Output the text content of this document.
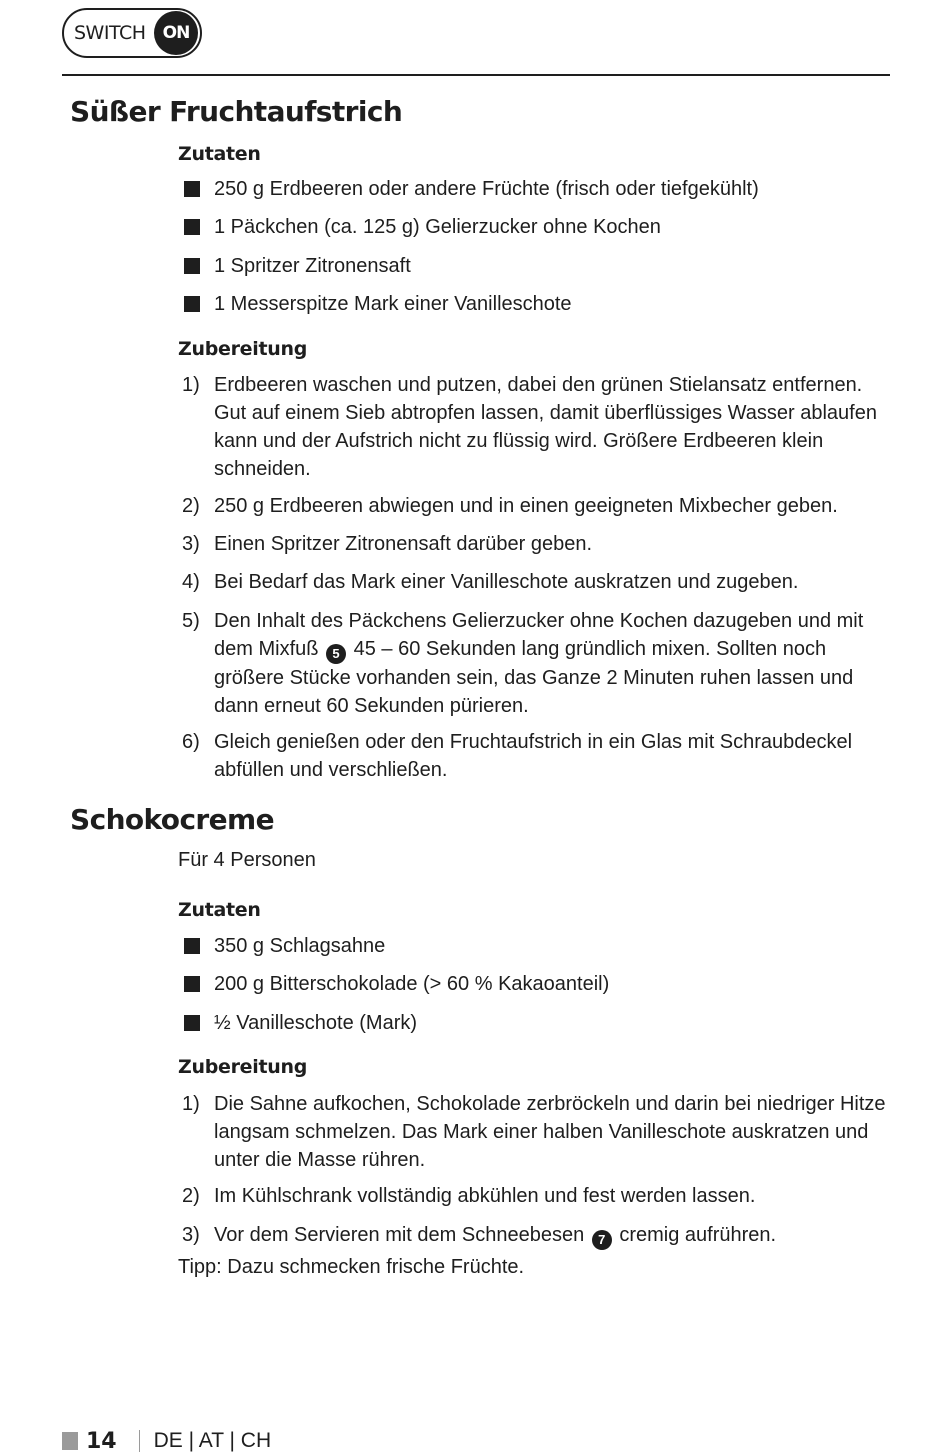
SWITCH	ON
Süßer Fruchtaufstrich
Zutaten
250 g Erdbeeren oder andere Früchte (frisch oder tiefgekühlt)
1 Päckchen (ca. 125 g) Gelierzucker ohne Kochen
1 Spritzer Zitronensaft
1 Messerspitze Mark einer Vanilleschote
Zubereitung
1) Erdbeeren waschen und putzen, dabei den grünen Stielansatz entfernen.
Gut auf einem Sieb abtropfen lassen, damit überflüssiges Wasser ablaufen
kann und der Aufstrich nicht zu flüssig wird. Größere Erdbeeren klein
schneiden.
2) 250 g Erdbeeren abwiegen und in einen geeigneten Mixbecher geben.
3) Einen Spritzer Zitronensaft darüber geben.
4) Bei Bedarf das Mark einer Vanilleschote auskratzen und zugeben.
5) Den Inhalt des Päckchens Gelierzucker ohne Kochen dazugeben und mit
dem Mixfuß 5 45 – 60 Sekunden lang gründlich mixen. Sollten noch
größere Stücke vorhanden sein, das Ganze 2 Minuten ruhen lassen und
dann erneut 60 Sekunden pürieren.
6) Gleich genießen oder den Fruchtaufstrich in ein Glas mit Schraubdeckel
abfüllen und verschließen.
Schokocreme
Für 4 Personen
Zutaten
350 g Schlagsahne
200 g Bitterschokolade (> 60 % Kakaoanteil)
½ Vanilleschote (Mark)
Zubereitung
1) Die Sahne aufkochen, Schokolade zerbröckeln und darin bei niedriger Hitze
langsam schmelzen. Das Mark einer halben Vanilleschote auskratzen und
unter die Masse rühren.
2) Im Kühlschrank vollständig abkühlen und fest werden lassen.
3) Vor dem Servieren mit dem Schneebesen 7 cremig aufrühren.
Tipp: Dazu schmecken frische Früchte.
14 DE | AT | CH
